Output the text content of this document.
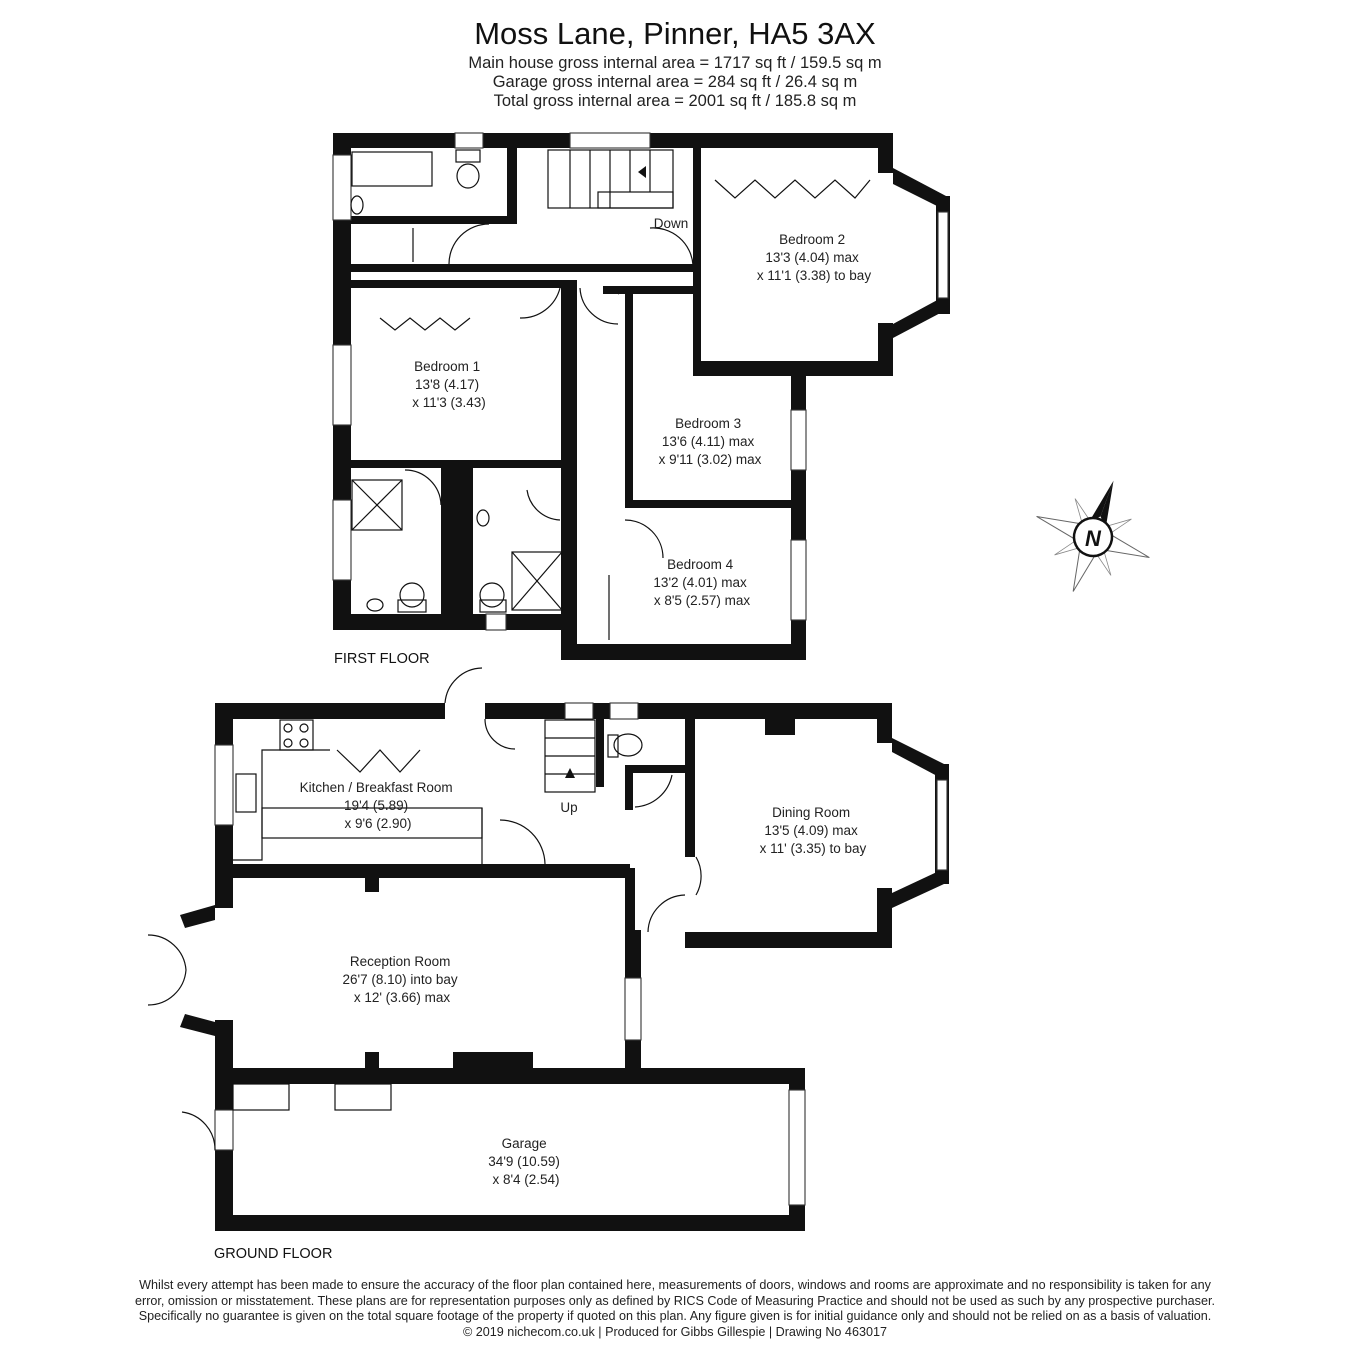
Moss Lane, Pinner, HA5 3AX
Main house gross internal area = 1717 sq ft / 159.5 sq m
Garage gross internal area = 284 sq ft / 26.4 sq m
Total gross internal area = 2001 sq ft / 185.8 sq m
Down
Bedroom 2 13'3 (4.04) max x 11'1 (3.38) to bay
Bedroom 1 13'8 (4.17) x 11'3 (3.43)
Bedroom 3 13'6 (4.11) max x 9'11 (3.02) max
Bedroom 4 13'2 (4.01) max x 8'5 (2.57) max
FIRST FLOOR
Up
Kitchen / Breakfast Room 19'4 (5.89) x 9'6 (2.90)
Dining Room 13'5 (4.09) max x 11' (3.35) to bay
Reception Room 26'7 (8.10) into bay x 12' (3.66) max
Garage 34'9 (10.59) x 8'4 (2.54)
GROUND FLOOR
N
Whilst every attempt has been made to ensure the accuracy of the floor plan contained here, measurements of doors, windows and rooms are approximate and no responsibility is taken for any
error, omission or misstatement. These plans are for representation purposes only as defined by RICS Code of Measuring Practice and should not be used as such by any prospective purchaser.
Specifically no guarantee is given on the total square footage of the property if quoted on this plan. Any figure given is for initial guidance only and should not be relied on as a basis of valuation.
© 2019 nichecom.co.uk | Produced for Gibbs Gillespie | Drawing No 463017
